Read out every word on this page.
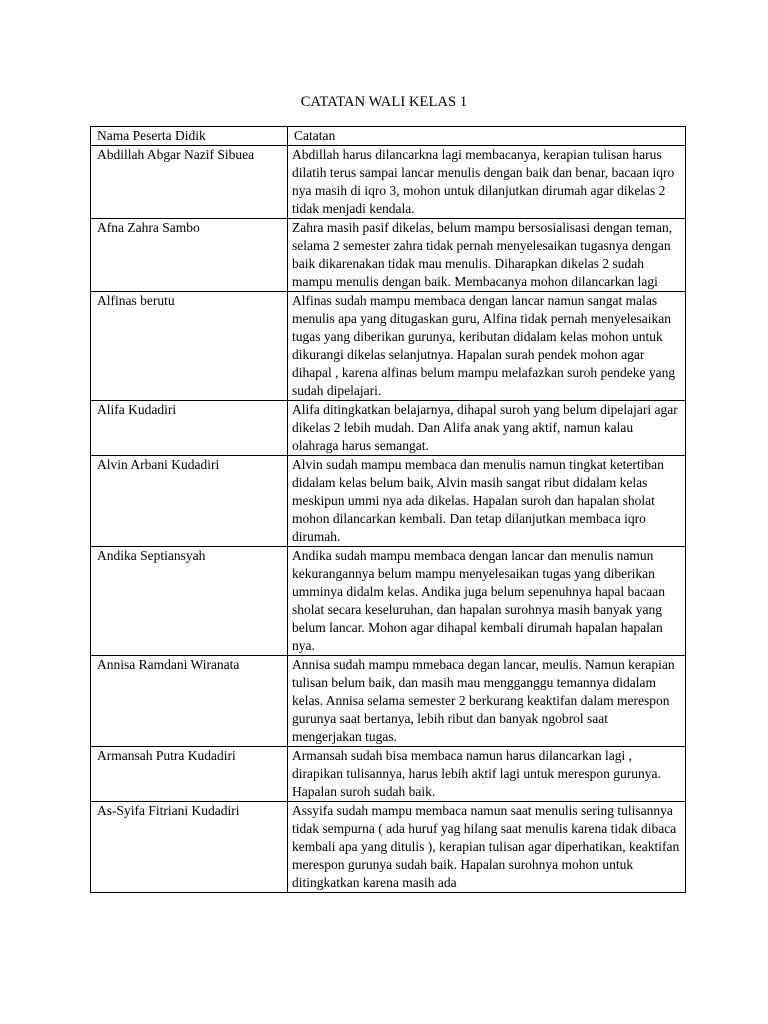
CATATAN WALI KELAS 1
Nama Peserta Didik	Catatan
Abdillah Abgar Nazif Sibuea	Abdillah harus dilancarkna lagi membacanya, kerapian tulisan harus dilatih terus sampai lancar menulis dengan baik dan benar, bacaan iqro nya masih di iqro 3, mohon untuk dilanjutkan dirumah agar dikelas 2 tidak menjadi kendala.
Afna Zahra Sambo	Zahra masih pasif dikelas, belum mampu bersosialisasi dengan teman, selama 2 semester zahra tidak pernah menyelesaikan tugasnya dengan baik dikarenakan tidak mau menulis. Diharapkan dikelas 2 sudah mampu menulis dengan baik. Membacanya mohon dilancarkan lagi
Alfinas berutu	Alfinas sudah mampu membaca dengan lancar namun sangat malas menulis apa yang ditugaskan guru, Alfina tidak pernah menyelesaikan tugas yang diberikan gurunya, keributan didalam kelas mohon untuk dikurangi dikelas selanjutnya. Hapalan surah pendek mohon agar dihapal , karena alfinas belum mampu melafazkan suroh pendeke yang sudah dipelajari.
Alifa Kudadiri	Alifa ditingkatkan belajarnya, dihapal suroh yang belum dipelajari agar dikelas 2 lebih mudah. Dan Alifa anak yang aktif, namun kalau olahraga harus semangat.
Alvin Arbani Kudadiri	Alvin sudah mampu membaca dan menulis namun tingkat ketertiban didalam kelas belum baik, Alvin masih sangat ribut didalam kelas meskipun ummi nya ada dikelas. Hapalan suroh dan hapalan sholat mohon dilancarkan kembali. Dan tetap dilanjutkan membaca iqro dirumah.
Andika Septiansyah	Andika sudah mampu membaca dengan lancar dan menulis namun kekurangannya belum mampu menyelesaikan tugas yang diberikan umminya didalm kelas. Andika juga belum sepenuhnya hapal bacaan sholat secara keseluruhan, dan hapalan surohnya masih banyak yang belum lancar. Mohon agar dihapal kembali dirumah hapalan hapalan nya.
Annisa Ramdani Wiranata	Annisa sudah mampu mmebaca degan lancar, meulis. Namun kerapian tulisan belum baik, dan masih mau mengganggu temannya didalam kelas. Annisa selama semester 2 berkurang keaktifan dalam merespon gurunya saat bertanya, lebih ribut dan banyak ngobrol saat mengerjakan tugas.
Armansah Putra Kudadiri	Armansah sudah bisa membaca namun harus dilancarkan lagi , dirapikan tulisannya, harus lebih aktif lagi untuk merespon gurunya. Hapalan suroh sudah baik.
As-Syifa Fitriani Kudadiri	Assyifa sudah mampu membaca namun saat menulis sering tulisannya tidak sempurna ( ada huruf yag hilang saat menulis karena tidak dibaca kembali apa yang ditulis ), kerapian tulisan agar diperhatikan, keaktifan merespon gurunya sudah baik. Hapalan surohnya mohon untuk ditingkatkan karena masih ada
